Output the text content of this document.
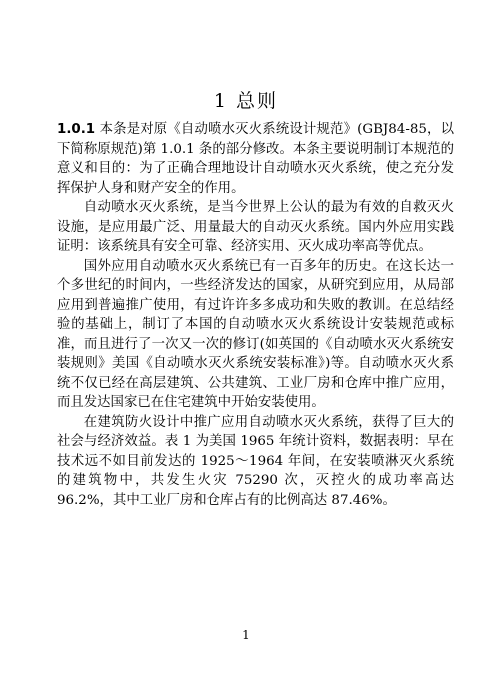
1 总则

1.0.1 本条是对原《自动喷水灭火系统设计规范》(GBJ84-85，以下简称原规范)第 1.0.1 条的部分修改。本条主要说明制订本规范的意义和目的：为了正确合理地设计自动喷水灭火系统，使之充分发挥保护人身和财产安全的作用。

自动喷水灭火系统，是当今世界上公认的最为有效的自救灭火设施，是应用最广泛、用量最大的自动灭火系统。国内外应用实践证明：该系统具有安全可靠、经济实用、灭火成功率高等优点。

国外应用自动喷水灭火系统已有一百多年的历史。在这长达一个多世纪的时间内，一些经济发达的国家，从研究到应用，从局部应用到普遍推广使用，有过许许多多成功和失败的教训。在总结经验的基础上，制订了本国的自动喷水灭火系统设计安装规范或标准，而且进行了一次又一次的修订(如英国的《自动喷水灭火系统安装规则》美国《自动喷水灭火系统安装标准》)等。自动喷水灭火系统不仅已经在高层建筑、公共建筑、工业厂房和仓库中推广应用，而且发达国家已在住宅建筑中开始安装使用。

在建筑防火设计中推广应用自动喷水灭火系统，获得了巨大的社会与经济效益。表 1 为美国 1965 年统计资料，数据表明：早在技术远不如目前发达的 1925～1964 年间，在安装喷淋灭火系统的建筑物中，共发生火灾 75290 次，灭控火的成功率高达 96.2%，其中工业厂房和仓库占有的比例高达 87.46%。

1
